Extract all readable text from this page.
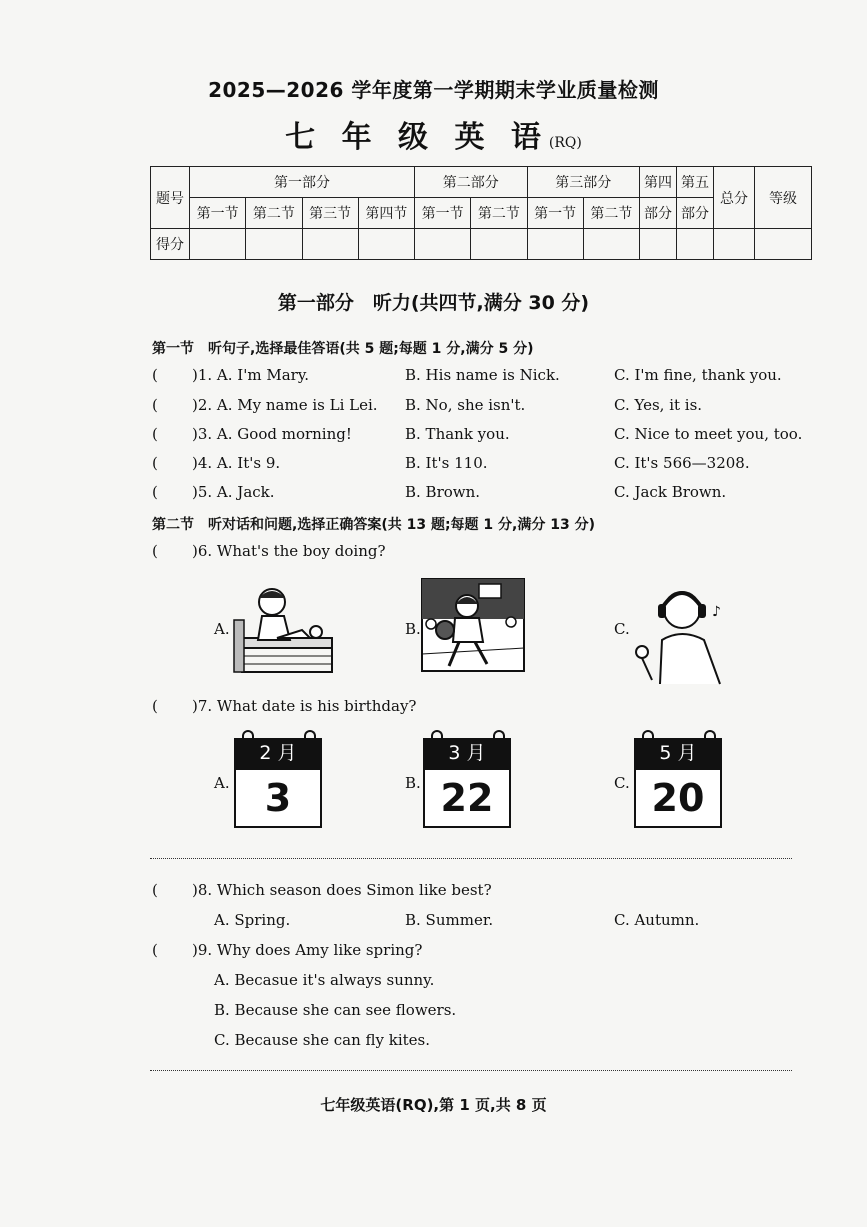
2025—2026 学年度第一学期期末学业质量检测
七 年 级 英 语(RQ)
题号	第一部分				第二部分		第三部分		第四	第五	总分	等级
	第一节	第二节	第三节	第四节	第一节	第二节	第一节	第二节	部分	部分		
得分												
第一部分　听力(共四节,满分 30 分)
第一节　听句子,选择最佳答语(共 5 题;每题 1 分,满分 5 分)
( )1. A. I'm Mary.	B. His name is Nick.	C. I'm fine, thank you.
( )2. A. My name is Li Lei. B. No, she isn't.	C. Yes, it is.
( )3. A. Good morning!	B. Thank you.	C. Nice to meet you, too.
( )4. A. It's 9.	B. It's 110.	C. It's 566—3208.
( )5. A. Jack.	B. Brown.	C. Jack Brown.
第二节　听对话和问题,选择正确答案(共 13 题;每题 1 分,满分 13 分)
( )6. What's the boy doing?
A.	B.	C.
♪
( )7. What date is his birthday?
A.
2 月
3	B.
3 月
22	C.
5 月
20
( )8. Which season does Simon like best?
A. Spring.	B. Summer.	C. Autumn.
( )9. Why does Amy like spring?
A. Becasue it's always sunny.
B. Because she can see flowers.
C. Because she can fly kites.
七年级英语(RQ),第 1 页,共 8 页
